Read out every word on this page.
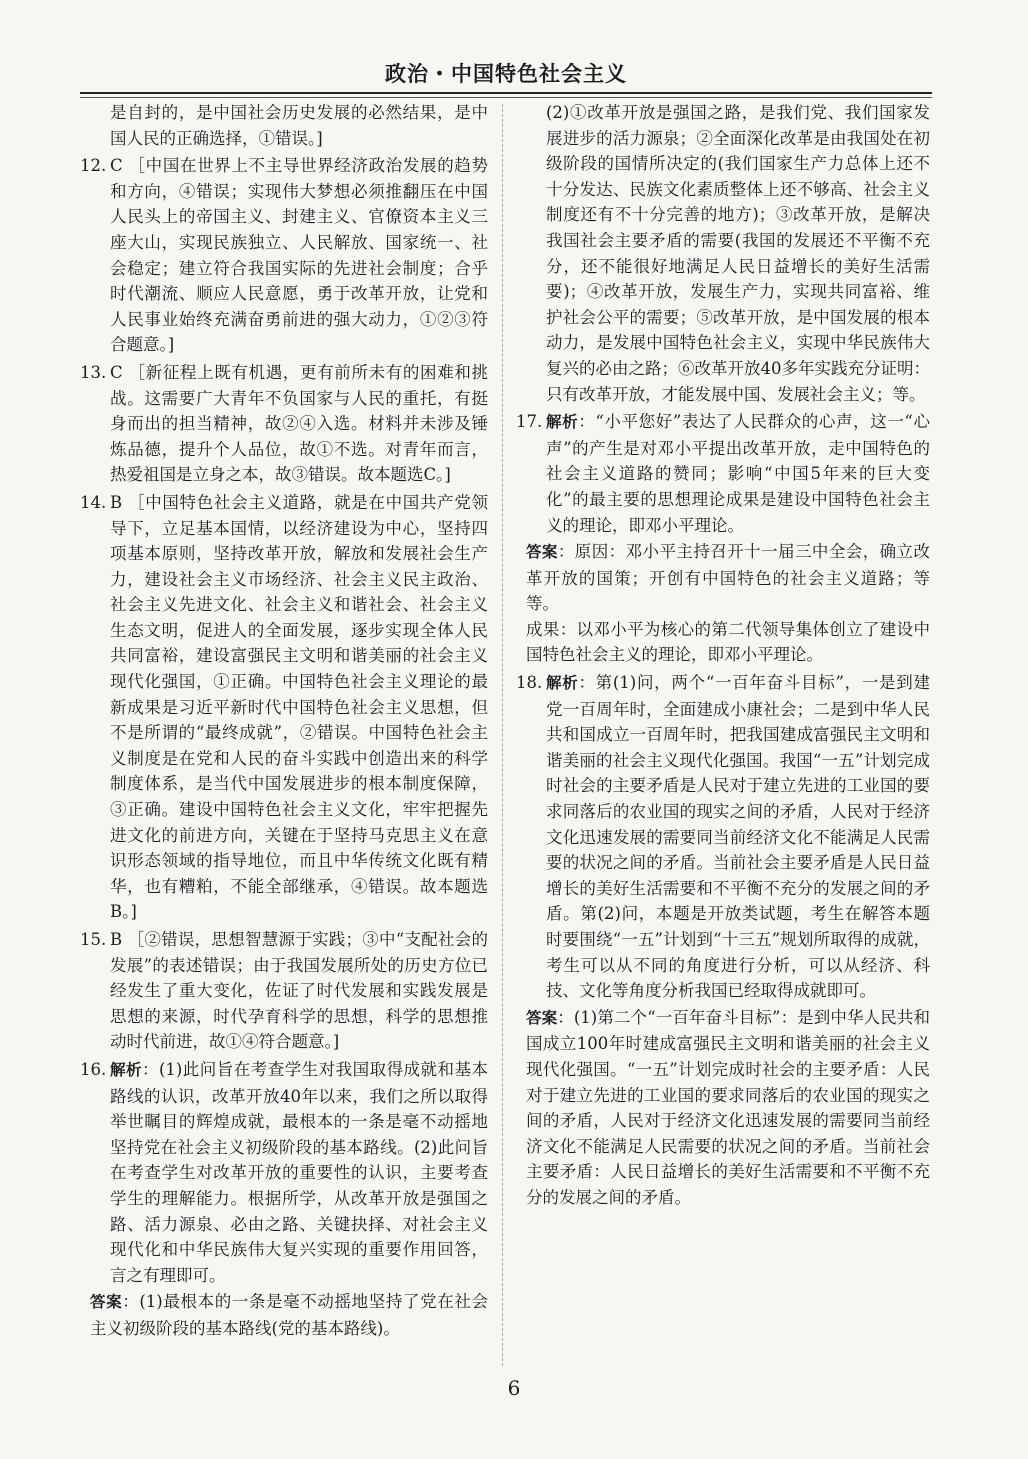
政治・中国特色社会主义

是自封的，是中国社会历史发展的必然结果，是中国人民的正确选择，①错误。]

12. C ［中国在世界上不主导世界经济政治发展的趋势和方向，④错误；实现伟大梦想必须推翻压在中国人民头上的帝国主义、封建主义、官僚资本主义三座大山，实现民族独立、人民解放、国家统一、社会稳定；建立符合我国实际的先进社会制度；合乎时代潮流、顺应人民意愿，勇于改革开放，让党和人民事业始终充满奋勇前进的强大动力，①②③符合题意。]
13. C ［新征程上既有机遇，更有前所未有的困难和挑战。这需要广大青年不负国家与人民的重托，有挺身而出的担当精神，故②④入选。材料并未涉及锤炼品德，提升个人品位，故①不选。对青年而言，热爱祖国是立身之本，故③错误。故本题选C。]
14. B ［中国特色社会主义道路，就是在中国共产党领导下，立足基本国情，以经济建设为中心，坚持四项基本原则，坚持改革开放，解放和发展社会生产力，建设社会主义市场经济、社会主义民主政治、社会主义先进文化、社会主义和谐社会、社会主义生态文明，促进人的全面发展，逐步实现全体人民共同富裕，建设富强民主文明和谐美丽的社会主义现代化强国，①正确。中国特色社会主义理论的最新成果是习近平新时代中国特色社会主义思想，但不是所谓的“最终成就”，②错误。中国特色社会主义制度是在党和人民的奋斗实践中创造出来的科学制度体系，是当代中国发展进步的根本制度保障，③正确。建设中国特色社会主义文化，牢牢把握先进文化的前进方向，关键在于坚持马克思主义在意识形态领域的指导地位，而且中华传统文化既有精华，也有糟粕，不能全部继承，④错误。故本题选B。]
15. B ［②错误，思想智慧源于实践；③中“支配社会的发展”的表述错误；由于我国发展所处的历史方位已经发生了重大变化，佐证了时代发展和实践发展是思想的来源，时代孕育科学的思想，科学的思想推动时代前进，故①④符合题意。]
16. 解析：(1)此问旨在考查学生对我国取得成就和基本路线的认识，改革开放40年以来，我们之所以取得举世瞩目的辉煌成就，最根本的一条是毫不动摇地坚持党在社会主义初级阶段的基本路线。(2)此问旨在考查学生对改革开放的重要性的认识，主要考查学生的理解能力。根据所学，从改革开放是强国之路、活力源泉、必由之路、关键抉择、对社会主义现代化和中华民族伟大复兴实现的重要作用回答，言之有理即可。

答案：(1)最根本的一条是毫不动摇地坚持了党在社会主义初级阶段的基本路线(党的基本路线)。

(2)①改革开放是强国之路，是我们党、我们国家发展进步的活力源泉；②全面深化改革是由我国处在初级阶段的国情所决定的(我们国家生产力总体上还不十分发达、民族文化素质整体上还不够高、社会主义制度还有不十分完善的地方)；③改革开放，是解决我国社会主要矛盾的需要(我国的发展还不平衡不充分，还不能很好地满足人民日益增长的美好生活需要)；④改革开放，发展生产力，实现共同富裕、维护社会公平的需要；⑤改革开放，是中国发展的根本动力，是发展中国特色社会主义，实现中华民族伟大复兴的必由之路；⑥改革开放40多年实践充分证明：只有改革开放，才能发展中国、发展社会主义；等。

17. 解析：“小平您好”表达了人民群众的心声，这一“心声”的产生是对邓小平提出改革开放，走中国特色的社会主义道路的赞同；影响“中国5年来的巨大变化”的最主要的思想理论成果是建设中国特色社会主义的理论，即邓小平理论。

答案：原因：邓小平主持召开十一届三中全会，确立改革开放的国策；开创有中国特色的社会主义道路；等等。

成果：以邓小平为核心的第二代领导集体创立了建设中国特色社会主义的理论，即邓小平理论。

18. 解析：第(1)问，两个“一百年奋斗目标”，一是到建党一百周年时，全面建成小康社会；二是到中华人民共和国成立一百周年时，把我国建成富强民主文明和谐美丽的社会主义现代化强国。我国“一五”计划完成时社会的主要矛盾是人民对于建立先进的工业国的要求同落后的农业国的现实之间的矛盾，人民对于经济文化迅速发展的需要同当前经济文化不能满足人民需要的状况之间的矛盾。当前社会主要矛盾是人民日益增长的美好生活需要和不平衡不充分的发展之间的矛盾。第(2)问，本题是开放类试题，考生在解答本题时要围绕“一五”计划到“十三五”规划所取得的成就，考生可以从不同的角度进行分析，可以从经济、科技、文化等角度分析我国已经取得成就即可。

答案：(1)第二个“一百年奋斗目标”：是到中华人民共和国成立100年时建成富强民主文明和谐美丽的社会主义现代化强国。“一五”计划完成时社会的主要矛盾：人民对于建立先进的工业国的要求同落后的农业国的现实之间的矛盾，人民对于经济文化迅速发展的需要同当前经济文化不能满足人民需要的状况之间的矛盾。当前社会主要矛盾：人民日益增长的美好生活需要和不平衡不充分的发展之间的矛盾。

6
